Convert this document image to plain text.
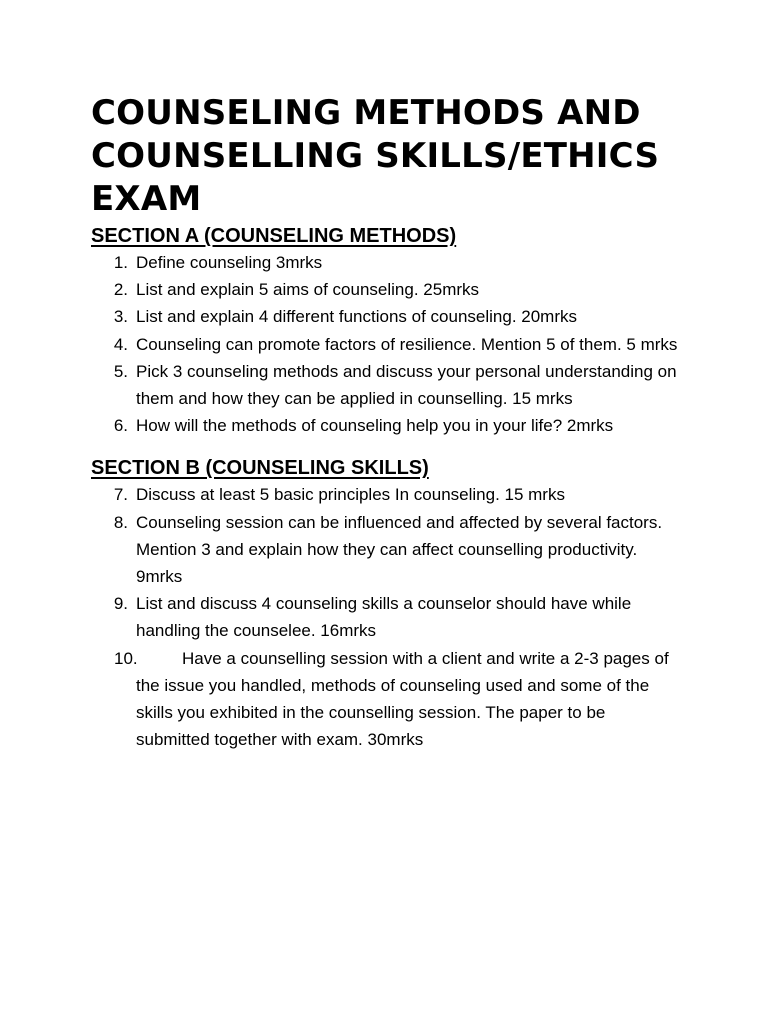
COUNSELING METHODS AND
COUNSELLING SKILLS/ETHICS
EXAM
SECTION A (COUNSELING METHODS)
1. Define counseling 3mrks
2. List and explain 5 aims of counseling. 25mrks
3. List and explain 4 different functions of counseling. 20mrks
4. Counseling can promote factors of resilience. Mention 5 of them. 5 mrks
5. Pick 3 counseling methods and discuss your personal understanding on them and how they can be applied in counselling. 15 mrks
6. How will the methods of counseling help you in your life? 2mrks
SECTION B (COUNSELING SKILLS)
7. Discuss at least 5 basic principles In counseling. 15 mrks
8. Counseling session can be influenced and affected by several factors. Mention 3 and explain how they can affect counselling productivity. 9mrks
9. List and discuss 4 counseling skills a counselor should have while handling the counselee. 16mrks
10.	Have a counselling session with a client and write a 2-3 pages of the issue you handled, methods of counseling used and some of the skills you exhibited in the counselling session. The paper to be submitted together with exam. 30mrks
